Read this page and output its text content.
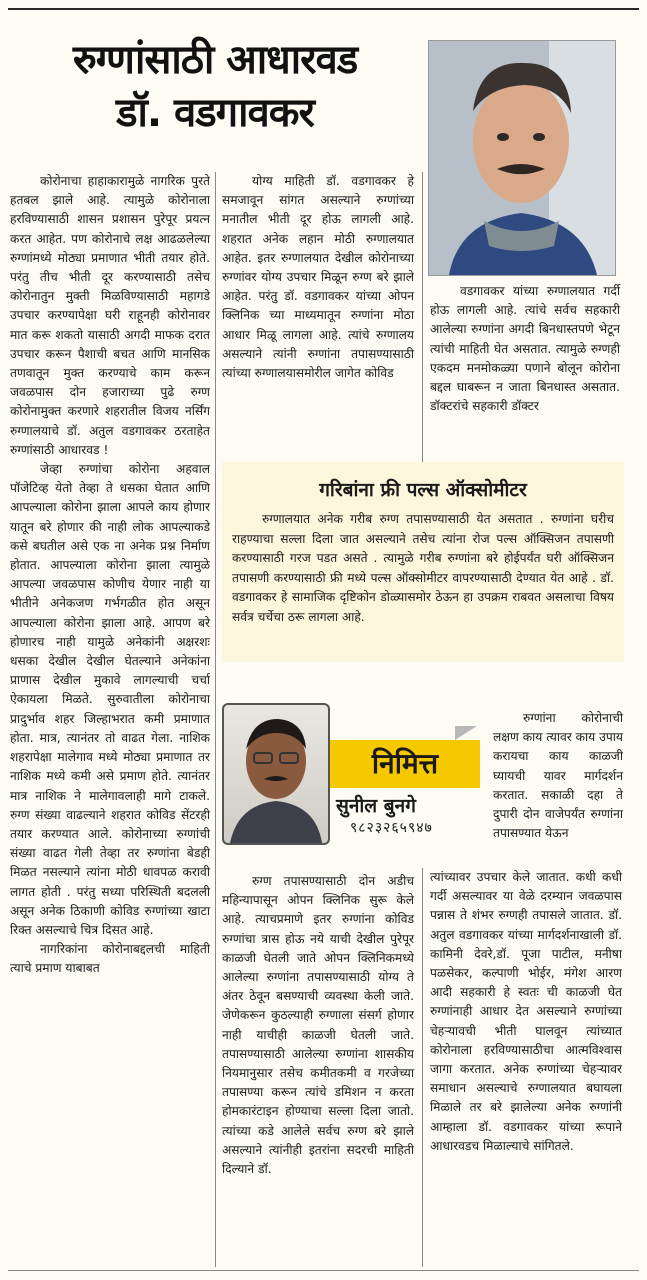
रुग्णांसाठी आधारवड
डॉ. वडगावकर

कोरोनाचा हाहाकारामुळे नागरिक पुरते हतबल झाले आहे. त्यामुळे कोरोनाला हरविण्यासाठी शासन प्रशासन पुरेपूर प्रयत्न करत आहेत. पण कोरोनाचे लक्ष आढळलेल्या रुग्णांमध्ये मोठ्या प्रमाणात भीती तयार होते. परंतु तीच भीती दूर करण्यासाठी तसेच कोरोनातुन मुक्ती मिळविण्यासाठी महागडे उपचार करण्यापेक्षा घरी राहूनही कोरोनावर मात करू शकतो यासाठी अगदी माफक दरात उपचार करून पैशाची बचत आणि मानसिक तणवातून मुक्त करण्याचे काम करून जवळपास दोन हजाराच्या पुढे रुग्ण कोरोनामुक्त करणारे शहरातील विजय नर्सिंग रुग्णालयाचे डॉ. अतुल वडगावकर ठरताहेत रुग्णांसाठी आधारवड !

जेव्हा रुग्णांचा कोरोना अहवाल पॉजेटिव्ह येतो तेव्हा ते धसका घेतात आणि आपल्याला कोरोना झाला आपले काय होणार यातून बरे होणार की नाही लोक आपल्याकडे कसे बघतील असे एक ना अनेक प्रश्न निर्माण होतात. आपल्याला कोरोना झाला त्यामुळे आपल्या जवळपास कोणीच येणार नाही या भीतीने अनेकजण गर्भगळीत होत असून आपल्याला कोरोना झाला आहे. आपण बरे होणारच नाही यामुळे अनेकांनी अक्षरशः धसका देखील देखील घेतल्याने अनेकांना प्राणास देखील मुकावे लागल्याची चर्चा ऐकायला मिळते. सुरुवातीला कोरोनाचा प्रादुर्भाव शहर जिल्हाभरात कमी प्रमाणात होता. मात्र, त्यानंतर तो वाढत गेला. नाशिक शहरापेक्षा मालेगाव मध्ये मोठ्या प्रमाणात तर नाशिक मध्ये कमी असे प्रमाण होते. त्यानंतर मात्र नाशिक ने मालेगावलाही मागे टाकले. रुग्ण संख्या वाढल्याने शहरात कोविड सेंटरही तयार करण्यात आले. कोरोनाच्या रुग्णांची संख्या वाढत गेली तेव्हा तर रुग्णांना बेडही मिळत नसल्याने त्यांना मोठी धावपळ करावी लागत होती . परंतु सध्या परिस्थिती बदलली असून अनेक ठिकाणी कोविड रुग्णांच्या खाटा रिक्त असल्याचे चित्र दिसत आहे.

नागरिकांना कोरोनाबद्दलची माहिती त्याचे प्रमाण याबाबत

योग्य माहिती डॉ. वडगावकर हे समजावून सांगत असल्याने रुग्णांच्या मनातील भीती दूर होऊ लागली आहे. शहरात अनेक लहान मोठी रुग्णालयात आहेत. इतर रुग्णालयात देखील कोरोनाच्या रुग्णांवर योग्य उपचार मिळून रुग्ण बरे झाले आहेत. परंतु डॉ. वडगावकर यांच्या ओपन क्लिनिक च्या माध्यमातून रुग्णांना मोठा आधार मिळू लागला आहे. त्यांचे रुग्णालय असल्याने त्यांनी रुग्णांना तपासण्यासाठी त्यांच्या रुग्णालयासमोरील जागेत कोविड

वडगावकर यांच्या रुग्णालयात गर्दी होऊ लागली आहे. त्यांचे सर्वच सहकारी आलेल्या रुग्णांना अगदी बिनधास्तपणे भेटून त्यांची माहिती घेत असतात. त्यामुळे रुग्णही एकदम मनमोकळ्या पणाने बोलून कोरोना बद्दल घाबरून न जाता बिनधास्त असतात. डॉक्टरांचे सहकारी डॉक्टर

गरिबांना फ्री पल्स ऑक्सोमीटर
रुग्णालयात अनेक गरीब रुग्ण तपासण्यासाठी येत असतात . रुग्णांना घरीच राहण्याचा सल्ला दिला जात असल्याने तसेच त्यांना रोज पल्स ऑक्सिजन तपासणी करण्यासाठी गरज पडत असते . त्यामुळे गरीब रुग्णांना बरे होईपर्यंत घरी ऑक्सिजन तपासणी करण्यासाठी फ्री मध्ये पल्स ऑक्सोमीटर वापरण्यासाठी देण्यात येत आहे . डॉ. वडगावकर हे सामाजिक दृष्टिकोन डोळ्यासमोर ठेऊन हा उपक्रम राबवत असलाचा विषय सर्वत्र चर्चेचा ठरू लागला आहे.
निमित्त
सुनील बुनगे
९८२३२६५९४७

रुग्ण तपासण्यासाठी दोन अडीच महिन्यापासून ओपन क्लिनिक सुरू केले आहे. त्याचप्रमाणे इतर रुग्णांना कोविड रुग्णांचा त्रास होऊ नये याची देखील पुरेपूर काळजी घेतली जाते ओपन क्लिनिकमध्ये आलेल्या रुग्णांना तपासण्यासाठी योग्य ते अंतर ठेवून बसण्याची व्यवस्था केली जाते. जेणेकरून कुठल्याही रुग्णाला संसर्ग होणार नाही याचीही काळजी घेतली जाते. तपासण्यासाठी आलेल्या रुग्णांना शासकीय नियमानुसार तसेच कमीतकमी व गरजेच्या तपासण्या करून त्यांचे डमिशन न करता होमकारंटाइन होण्याचा सल्ला दिला जातो. त्यांच्या कडे आलेले सर्वच रुग्ण बरे झाले असल्याने त्यांनीही इतरांना सदरची माहिती दिल्याने डॉ.

रुग्णांना कोरोनाची लक्षण काय त्यावर काय उपाय करायचा काय काळजी घ्यायची यावर मार्गदर्शन करतात. सकाळी दहा ते दुपारी दोन वाजेपर्यंत रुग्णांना तपासण्यात येऊन

त्यांच्यावर उपचार केले जातात. कधी कधी गर्दी असल्यावर या वेळे दरम्यान जवळपास पन्नास ते शंभर रुग्णही तपासले जातात. डॉ. अतुल वडगावकर यांच्या मार्गदर्शनाखाली डॉ. कामिनी देवरे,डॉ. पूजा पाटील, मनीषा पळसेकर, कल्पाणी भोईर, मंगेश आरण आदी सहकारी हे स्वतः ची काळजी घेत रुग्णांनाही आधार देत असल्याने रुग्णांच्या चेहऱ्यावची भीती घालवून त्यांच्यात कोरोनाला हरविण्यासाठीचा आत्मविश्वास जागा करतात. अनेक रुग्णांच्या चेहऱ्यावर समाधान असल्याचे रुग्णालयात बघायला मिळाले तर बरे झालेल्या अनेक रुग्णांनी आम्हाला डॉ. वडगावकर यांच्या रूपाने आधारवडच मिळाल्याचे सांगितले.
